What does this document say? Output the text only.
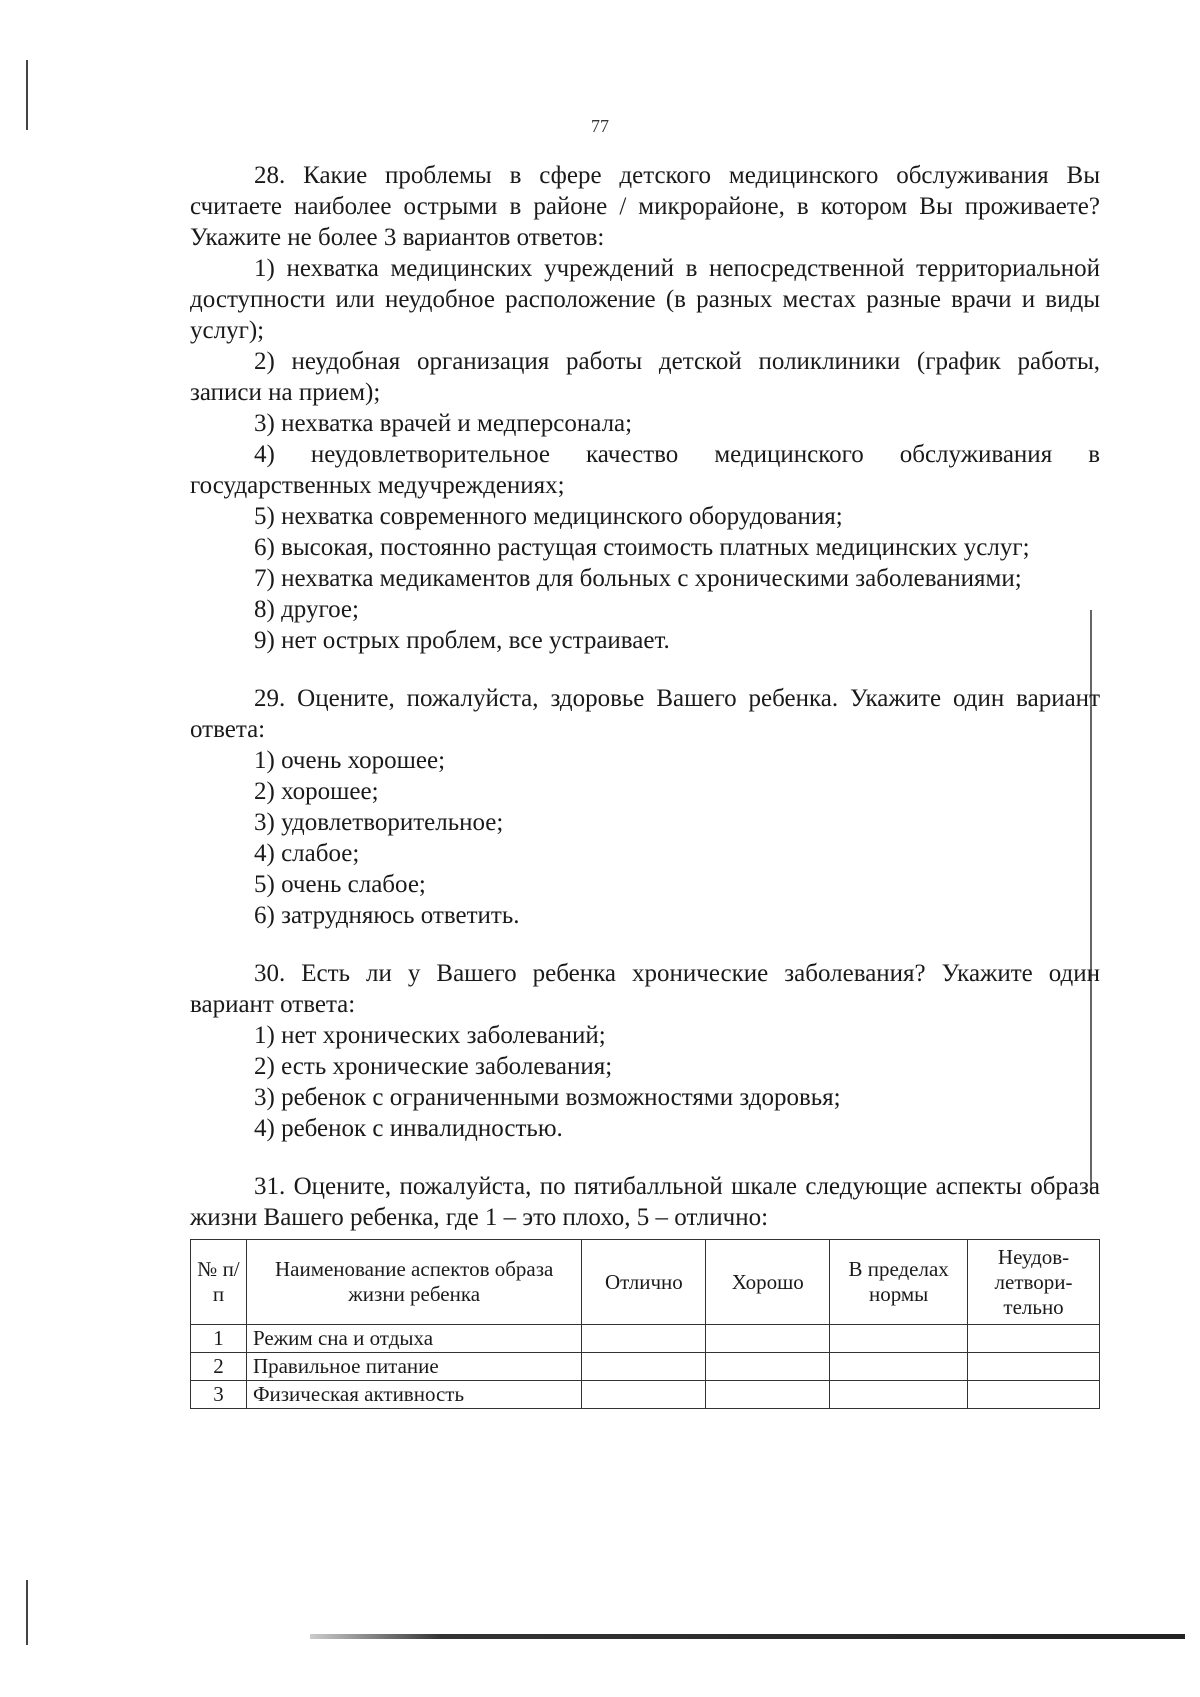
77

28. Какие проблемы в сфере детского медицинского обслуживания Вы считаете наиболее острыми в районе / микрорайоне, в котором Вы проживаете? Укажите не более 3 вариантов ответов:

1) нехватка медицинских учреждений в непосредственной территориальной доступности или неудобное расположение (в разных местах разные врачи и виды услуг);

2) неудобная организация работы детской поликлиники (график работы, записи на прием);

3) нехватка врачей и медперсонала;

4) неудовлетворительное качество медицинского обслуживания в государственных медучреждениях;

5) нехватка современного медицинского оборудования;

6) высокая, постоянно растущая стоимость платных медицинских услуг;

7) нехватка медикаментов для больных с хроническими заболеваниями;

8) другое;

9) нет острых проблем, все устраивает.

29. Оцените, пожалуйста, здоровье Вашего ребенка. Укажите один вариант ответа:

1) очень хорошее;

2) хорошее;

3) удовлетворительное;

4) слабое;

5) очень слабое;

6) затрудняюсь ответить.

30. Есть ли у Вашего ребенка хронические заболевания? Укажите один вариант ответа:

1) нет хронических заболеваний;

2) есть хронические заболевания;

3) ребенок с ограниченными возможностями здоровья;

4) ребенок с инвалидностью.

31. Оцените, пожалуйста, по пятибалльной шкале следующие аспекты образа жизни Вашего ребенка, где 1 – это плохо, 5 – отлично:

№ п/п	Наименование аспектов образа жизни ребенка	Отлично	Хорошо	В пределах нормы	Неудов-летвори-тельно
1	Режим сна и отдыха				
2	Правильное питание				
3	Физическая активность				
